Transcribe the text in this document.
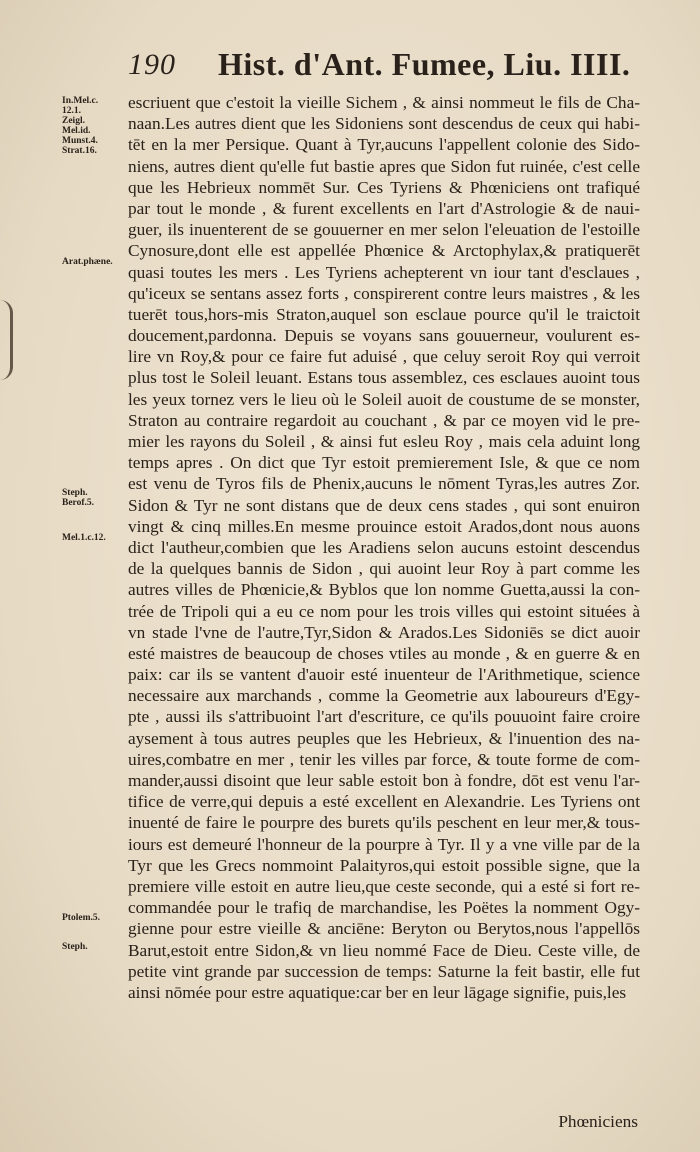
190 Hist. d'Ant. Fumee, Liu. IIII.
In.Mel.c.
12.1.
Zeigl.
Mel.id.
Munst.4.
Strat.16.
Arat.phæne.
Steph.
Berof.5.
Mel.1.c.12.
Ptolem.5.
Steph.
escriuent que c'estoit la vieille Sichem , & ainsi nommeut le fils de Cha-
naan.Les autres dient que les Sidoniens sont descendus de ceux qui habi-
tēt en la mer Persique. Quant à Tyr,aucuns l'appellent colonie des Sido-
niens, autres dient qu'elle fut bastie apres que Sidon fut ruinée, c'est celle
que les Hebrieux nommēt Sur. Ces Tyriens & Phœniciens ont trafiqué
par tout le monde , & furent excellents en l'art d'Astrologie & de naui-
guer, ils inuenterent de se gouuerner en mer selon l'eleuation de l'estoille
Cynosure,dont elle est appellée Phœnice & Arctophylax,& pratiquerēt
quasi toutes les mers . Les Tyriens achepterent vn iour tant d'esclaues ,
qu'iceux se sentans assez forts , conspirerent contre leurs maistres , & les
tuerēt tous,hors-mis Straton,auquel son esclaue pource qu'il le traictoit
doucement,pardonna. Depuis se voyans sans gouuerneur, voulurent es-
lire vn Roy,& pour ce faire fut aduisé , que celuy seroit Roy qui verroit
plus tost le Soleil leuant. Estans tous assemblez, ces esclaues auoint tous
les yeux tornez vers le lieu où le Soleil auoit de coustume de se monster,
Straton au contraire regardoit au couchant , & par ce moyen vid le pre-
mier les rayons du Soleil , & ainsi fut esleu Roy , mais cela aduint long
temps apres . On dict que Tyr estoit premierement Isle, & que ce nom
est venu de Tyros fils de Phenix,aucuns le nōment Tyras,les autres Zor.
Sidon & Tyr ne sont distans que de deux cens stades , qui sont enuiron
vingt & cinq milles.En mesme prouince estoit Arados,dont nous auons
dict l'autheur,combien que les Aradiens selon aucuns estoint descendus
de la quelques bannis de Sidon , qui auoint leur Roy à part comme les
autres villes de Phœnicie,& Byblos que lon nomme Guetta,aussi la con-
trée de Tripoli qui a eu ce nom pour les trois villes qui estoint situées à
vn stade l'vne de l'autre,Tyr,Sidon & Arados.Les Sidoniēs se dict auoir
esté maistres de beaucoup de choses vtiles au monde , & en guerre & en
paix: car ils se vantent d'auoir esté inuenteur de l'Arithmetique, science
necessaire aux marchands , comme la Geometrie aux laboureurs d'Egy-
pte , aussi ils s'attribuoint l'art d'escriture, ce qu'ils pouuoint faire croire
aysement à tous autres peuples que les Hebrieux, & l'inuention des na-
uires,combatre en mer , tenir les villes par force, & toute forme de com-
mander,aussi disoint que leur sable estoit bon à fondre, dōt est venu l'ar-
tifice de verre,qui depuis a esté excellent en Alexandrie. Les Tyriens ont
inuenté de faire le pourpre des burets qu'ils peschent en leur mer,& tous-
iours est demeuré l'honneur de la pourpre à Tyr. Il y a vne ville par de la
Tyr que les Grecs nommoint Palaityros,qui estoit possible signe, que la
premiere ville estoit en autre lieu,que ceste seconde, qui a esté si fort re-
commandée pour le trafiq de marchandise, les Poëtes la nomment Ogy-
gienne pour estre vieille & anciēne: Beryton ou Berytos,nous l'appellōs
Barut,estoit entre Sidon,& vn lieu nommé Face de Dieu. Ceste ville, de
petite vint grande par succession de temps: Saturne la feit bastir, elle fut
ainsi nōmée pour estre aquatique:car ber en leur lāgage signifie, puis,les
Phœniciens
